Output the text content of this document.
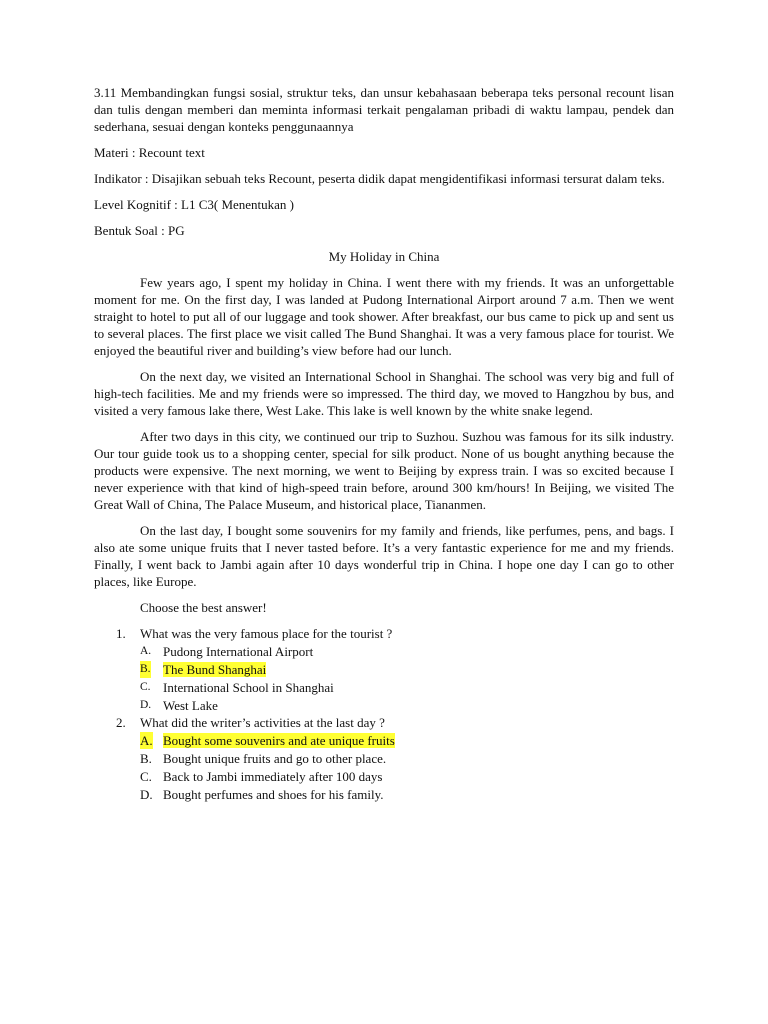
3.11 Membandingkan fungsi sosial, struktur teks, dan unsur kebahasaan beberapa teks personal recount lisan dan tulis dengan memberi dan meminta informasi terkait pengalaman pribadi di waktu lampau, pendek dan sederhana, sesuai dengan konteks penggunaannya

Materi : Recount text

Indikator : Disajikan sebuah teks Recount, peserta didik dapat mengidentifikasi informasi tersurat dalam teks.

Level Kognitif : L1 C3( Menentukan )

Bentuk Soal : PG

My Holiday in China

Few years ago, I spent my holiday in China. I went there with my friends. It was an unforgettable moment for me. On the first day, I was landed at Pudong International Airport around 7 a.m. Then we went straight to hotel to put all of our luggage and took shower. After breakfast, our bus came to pick up and sent us to several places. The first place we visit called The Bund Shanghai. It was a very famous place for tourist. We enjoyed the beautiful river and building’s view before had our lunch.

On the next day, we visited an International School in Shanghai. The school was very big and full of high-tech facilities. Me and my friends were so impressed. The third day, we moved to Hangzhou by bus, and visited a very famous lake there, West Lake. This lake is well known by the white snake legend.

After two days in this city, we continued our trip to Suzhou. Suzhou was famous for its silk industry. Our tour guide took us to a shopping center, special for silk product. None of us bought anything because the products were expensive. The next morning, we went to Beijing by express train. I was so excited because I never experience with that kind of high-speed train before, around 300 km/hours! In Beijing, we visited The Great Wall of China, The Palace Museum, and historical place, Tiananmen.

On the last day, I bought some souvenirs for my family and friends, like perfumes, pens, and bags. I also ate some unique fruits that I never tasted before. It’s a very fantastic experience for me and my friends. Finally, I went back to Jambi again after 10 days wonderful trip in China. I hope one day I can go to other places, like Europe.

Choose the best answer!

1. What was the very famous place for the tourist ?
A. Pudong International Airport
B. The Bund Shanghai
C. International School in Shanghai
D. West Lake
2. What did the writer’s activities at the last day ?
A. Bought some souvenirs and ate unique fruits
B. Bought unique fruits and go to other place.
C. Back to Jambi immediately after 100 days
D. Bought perfumes and shoes for his family.
